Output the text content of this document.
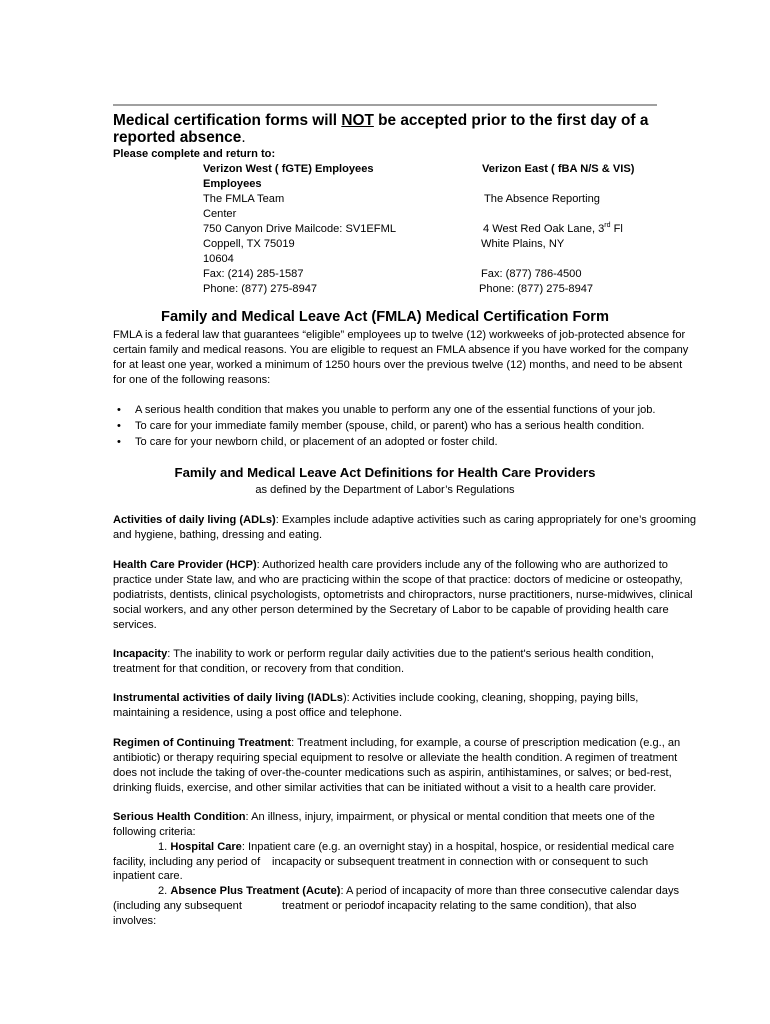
Medical certification forms will NOT be accepted prior to the first day of a
reported absence.
Please complete and return to:
Verizon West ( fGTE) Employees
Employees
The FMLA Team
Center
750 Canyon Drive Mailcode: SV1EFML
Coppell, TX 75019
10604
Fax: (214) 285-1587
Phone: (877) 275-8947
Verizon East ( fBA N/S & VIS)
The Absence Reporting
4 West Red Oak Lane, 3rd Fl
White Plains, NY
Fax: (877) 786-4500
Phone: (877) 275-8947
Family and Medical Leave Act (FMLA) Medical Certification Form
FMLA is a federal law that guarantees “eligible” employees up to twelve (12) workweeks of job-protected absence for
certain family and medical reasons. You are eligible to request an FMLA absence if you have worked for the company
for at least one year, worked a minimum of 1250 hours over the previous twelve (12) months, and need to be absent
for one of the following reasons:
• A serious health condition that makes you unable to perform any one of the essential functions of your job.
• To care for your immediate family member (spouse, child, or parent) who has a serious health condition.
• To care for your newborn child, or placement of an adopted or foster child.
Family and Medical Leave Act Definitions for Health Care Providers
as defined by the Department of Labor’s Regulations
Activities of daily living (ADLs): Examples include adaptive activities such as caring appropriately for one’s grooming
and hygiene, bathing, dressing and eating.
Health Care Provider (HCP): Authorized health care providers include any of the following who are authorized to
practice under State law, and who are practicing within the scope of that practice: doctors of medicine or osteopathy,
podiatrists, dentists, clinical psychologists, optometrists and chiropractors, nurse practitioners, nurse-midwives, clinical
social workers, and any other person determined by the Secretary of Labor to be capable of providing health care
services.
Incapacity: The inability to work or perform regular daily activities due to the patient's serious health condition,
treatment for that condition, or recovery from that condition.
Instrumental activities of daily living (IADLs): Activities include cooking, cleaning, shopping, paying bills,
maintaining a residence, using a post office and telephone.
Regimen of Continuing Treatment: Treatment including, for example, a course of prescription medication (e.g., an
antibiotic) or therapy requiring special equipment to resolve or alleviate the health condition. A regimen of treatment
does not include the taking of over-the-counter medications such as aspirin, antihistamines, or salves; or bed-rest,
drinking fluids, exercise, and other similar activities that can be initiated without a visit to a health care provider.
Serious Health Condition: An illness, injury, impairment, or physical or mental condition that meets one of the
following criteria:
1. Hospital Care: Inpatient care (e.g. an overnight stay) in a hospital, hospice, or residential medical care
facility, including any period of incapacity or subsequent treatment in connection with or consequent to such
inpatient care.
2. Absence Plus Treatment (Acute): A period of incapacity of more than three consecutive calendar days
(including any subsequent	treatment or period of incapacity relating to the same condition), that also
involves:
